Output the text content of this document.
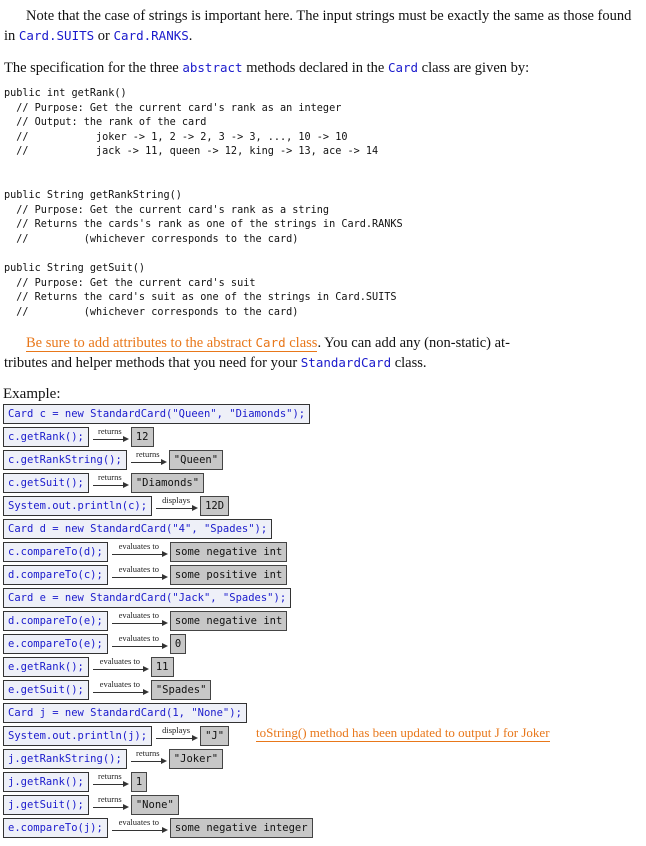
Note that the case of strings is important here. The input strings must be exactly the same as those found in Card.SUITS or Card.RANKS.
The specification for the three abstract methods declared in the Card class are given by:
public int getRank()
// Purpose: Get the current card's rank as an integer
// Output: the rank of the card
//           joker -> 1, 2 -> 2, 3 -> 3, ..., 10 -> 10
//           jack -> 11, queen -> 12, king -> 13, ace -> 14
public String getRankString()
// Purpose: Get the current card's rank as a string
// Returns the cards's rank as one of the strings in Card.RANKS
//         (whichever corresponds to the card)
public String getSuit()
// Purpose: Get the current card's suit
// Returns the card's suit as one of the strings in Card.SUITS
//         (whichever corresponds to the card)
Be sure to add attributes to the abstract Card class. You can add any (non-static) at-
tributes and helper methods that you need for your StandardCard class.
Example:
Card c = new StandardCard("Queen", "Diamonds");
c.getRank();	returns	12
c.getRankString();	returns	"Queen"
c.getSuit();	returns	"Diamonds"
System.out.println(c);	displays	12D
Card d = new StandardCard("4", "Spades");
c.compareTo(d);	evaluates to	some negative int
d.compareTo(c);	evaluates to	some positive int
Card e = new StandardCard("Jack", "Spades");
d.compareTo(e);	evaluates to	some negative int
e.compareTo(e);	evaluates to	0
e.getRank();	evaluates to	11
e.getSuit();	evaluates to	"Spades"
Card j = new StandardCard(1, "None");
System.out.println(j);	displays	"J"
j.getRankString();	returns	"Joker"
j.getRank();	returns	1
j.getSuit();	returns	"None"
e.compareTo(j);	evaluates to	some negative integer
toString() method has been updated to output J for Joker
